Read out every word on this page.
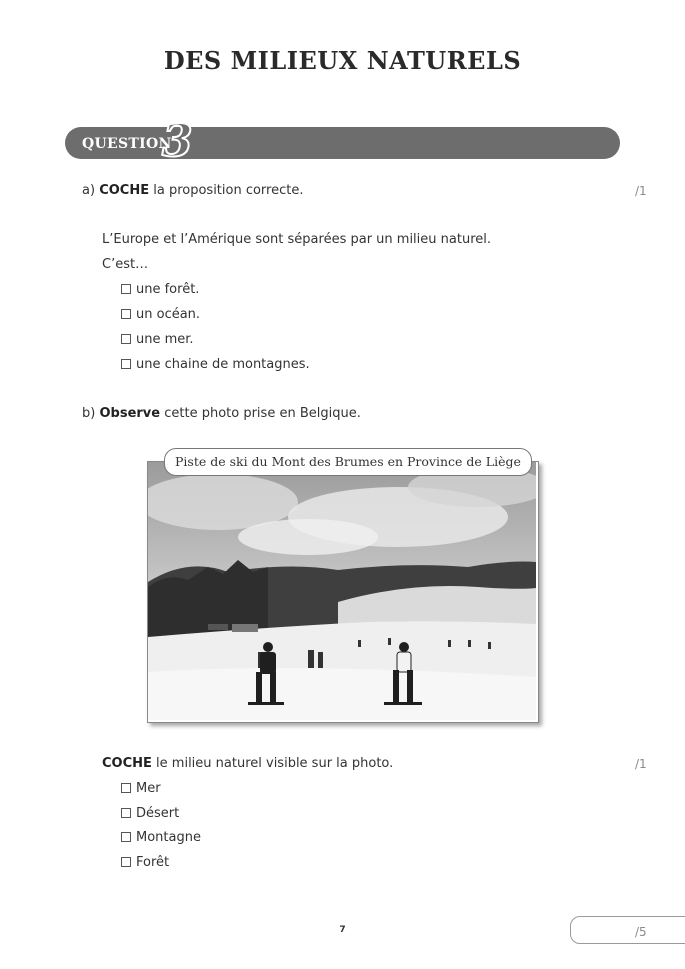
DES MILIEUX NATURELS
QUESTION
3
a) COCHE la proposition correcte.	/1
L’Europe et l’Amérique sont séparées par un milieu naturel.
C’est…
une forêt.
un océan.
une mer.
une chaine de montagnes.
b) Observe cette photo prise en Belgique.
Piste de ski du Mont des Brumes en Province de Liège
COCHE le milieu naturel visible sur la photo.	/1
Mer
Désert
Montagne
Forêt
7	/5
